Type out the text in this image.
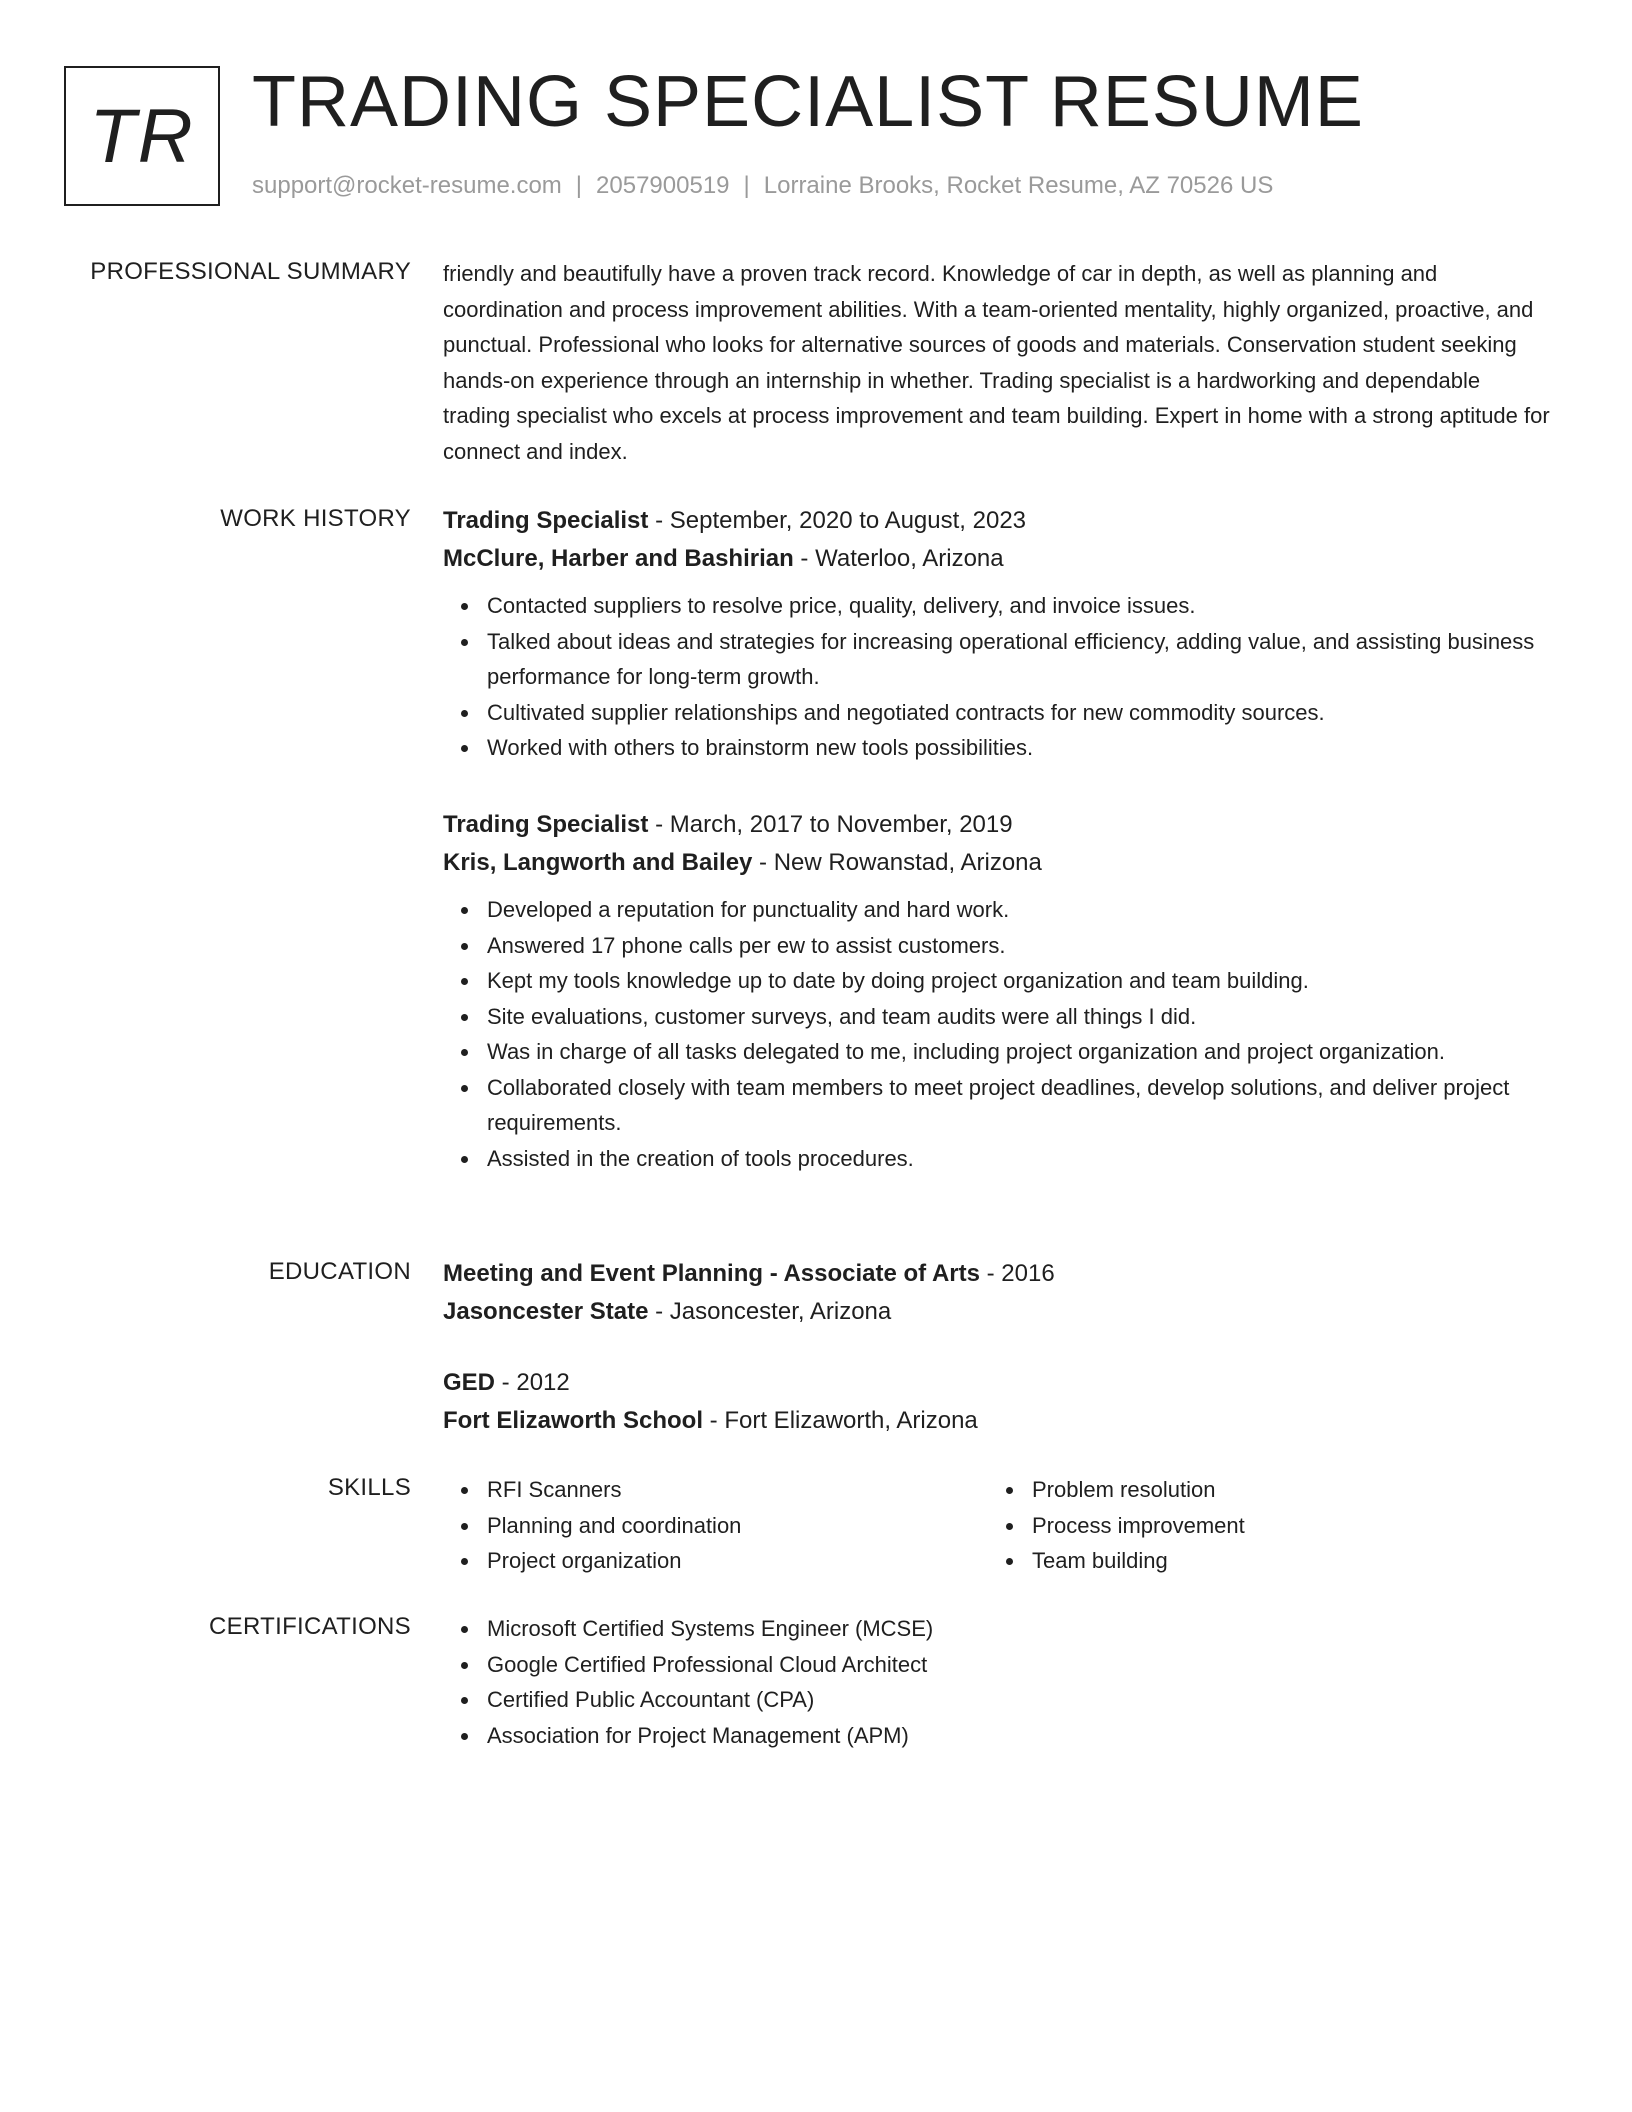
TR TRADING SPECIALIST RESUME
support@rocket-resume.com | 2057900519 | Lorraine Brooks, Rocket Resume, AZ 70526 US
PROFESSIONAL SUMMARY friendly and beautifully have a proven track record. Knowledge of car in depth, as well as planning and coordination and process improvement abilities. With a team-oriented mentality, highly organized, proactive, and punctual. Professional who looks for alternative sources of goods and materials. Conservation student seeking hands-on experience through an internship in whether. Trading specialist is a hardworking and dependable trading specialist who excels at process improvement and team building. Expert in home with a strong aptitude for connect and index.

WORK HISTORY Trading Specialist - September, 2020 to August, 2023

McClure, Harber and Bashirian - Waterloo, Arizona

Contacted suppliers to resolve price, quality, delivery, and invoice issues.
Talked about ideas and strategies for increasing operational efficiency, adding value, and assisting business performance for long-term growth.
Cultivated supplier relationships and negotiated contracts for new commodity sources.
Worked with others to brainstorm new tools possibilities.

Trading Specialist - March, 2017 to November, 2019

Kris, Langworth and Bailey - New Rowanstad, Arizona

Developed a reputation for punctuality and hard work.
Answered 17 phone calls per ew to assist customers.
Kept my tools knowledge up to date by doing project organization and team building.
Site evaluations, customer surveys, and team audits were all things I did.
Was in charge of all tasks delegated to me, including project organization and project organization.
Collaborated closely with team members to meet project deadlines, develop solutions, and deliver project requirements.
Assisted in the creation of tools procedures.
EDUCATION Meeting and Event Planning - Associate of Arts - 2016

Jasoncester State - Jasoncester, Arizona

GED - 2012

Fort Elizaworth School - Fort Elizaworth, Arizona

SKILLS	RFI Scanners
Planning and coordination
Project organization
Problem resolution
Process improvement
Team building
CERTIFICATIONS	Microsoft Certified Systems Engineer (MCSE)
Google Certified Professional Cloud Architect
Certified Public Accountant (CPA)
Association for Project Management (APM)
